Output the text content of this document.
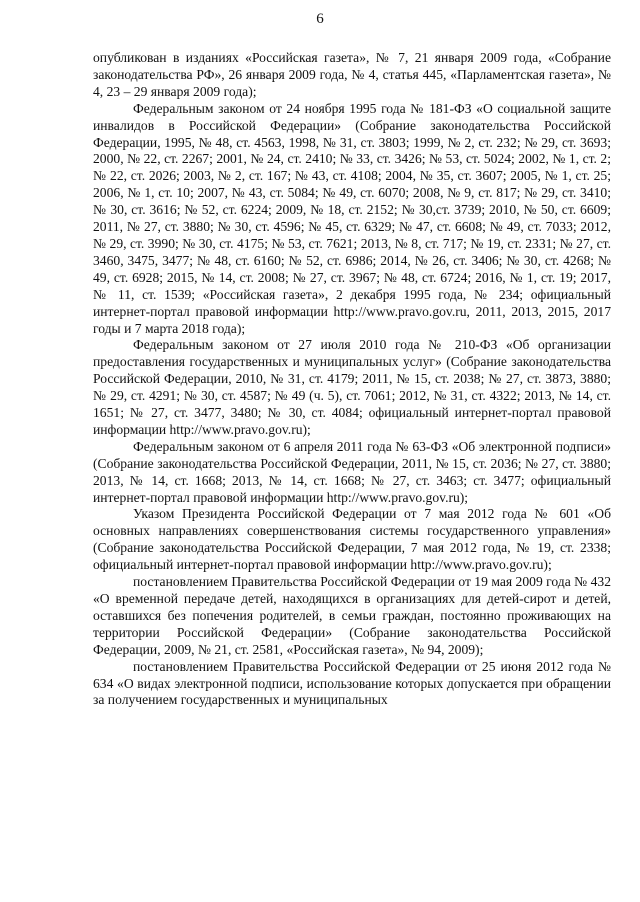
6

опубликован в изданиях «Российская газета», № 7, 21 января 2009 года, «Собрание законодательства РФ», 26 января 2009 года, № 4, статья 445, «Парламентская газета», № 4, 23 – 29 января 2009 года);

Федеральным законом от 24 ноября 1995 года № 181-ФЗ «О социальной защите инвалидов в Российской Федерации» (Собрание законодательства Российской Федерации, 1995, № 48, ст. 4563, 1998, № 31, ст. 3803; 1999, № 2, ст. 232; № 29, ст. 3693; 2000, № 22, ст. 2267; 2001, № 24, ст. 2410; № 33, ст. 3426; № 53, ст. 5024; 2002, № 1, ст. 2; № 22, ст. 2026; 2003, № 2, ст. 167; № 43, ст. 4108; 2004, № 35, ст. 3607; 2005, № 1, ст. 25; 2006, № 1, ст. 10; 2007, № 43, ст. 5084; № 49, ст. 6070; 2008, № 9, ст. 817; № 29, ст. 3410; № 30, ст. 3616; № 52, ст. 6224; 2009, № 18, ст. 2152; № 30,ст. 3739; 2010, № 50, ст. 6609; 2011, № 27, ст. 3880; № 30, ст. 4596; № 45, ст. 6329; № 47, ст. 6608; № 49, ст. 7033; 2012, № 29, ст. 3990; № 30, ст. 4175; № 53, ст. 7621; 2013, № 8, ст. 717; № 19, ст. 2331; № 27, ст. 3460, 3475, 3477; № 48, ст. 6160; № 52, ст. 6986; 2014, № 26, ст. 3406; № 30, ст. 4268; № 49, ст. 6928; 2015, № 14, ст. 2008; № 27, ст. 3967; № 48, ст. 6724; 2016, № 1, ст. 19; 2017, № 11, ст. 1539; «Российская газета», 2 декабря 1995 года, № 234; официальный интернет-портал правовой информации http://www.pravo.gov.ru, 2011, 2013, 2015, 2017 годы и 7 марта 2018 года);

Федеральным законом от 27 июля 2010 года № 210-ФЗ «Об организации предоставления государственных и муниципальных услуг» (Собрание законодательства Российской Федерации, 2010, № 31, ст. 4179; 2011, № 15, ст. 2038; № 27, ст. 3873, 3880; № 29, ст. 4291; № 30, ст. 4587; № 49 (ч. 5), ст. 7061; 2012, № 31, ст. 4322; 2013, № 14, ст. 1651; № 27, ст. 3477, 3480; № 30, ст. 4084; официальный интернет-портал правовой информации http://www.pravo.gov.ru);

Федеральным законом от 6 апреля 2011 года № 63-ФЗ «Об электронной подписи» (Собрание законодательства Российской Федерации, 2011, № 15, ст. 2036; № 27, ст. 3880; 2013, № 14, ст. 1668; 2013, № 14, ст. 1668; № 27, ст. 3463; ст. 3477; официальный интернет-портал правовой информации http://www.pravo.gov.ru);

Указом Президента Российской Федерации от 7 мая 2012 года № 601 «Об основных направлениях совершенствования системы государственного управления» (Собрание законодательства Российской Федерации, 7 мая 2012 года, № 19, ст. 2338; официальный интернет-портал правовой информации http://www.pravo.gov.ru);

постановлением Правительства Российской Федерации от 19 мая 2009 года № 432 «О временной передаче детей, находящихся в организациях для детей-сирот и детей, оставшихся без попечения родителей, в семьи граждан, постоянно проживающих на территории Российской Федерации» (Собрание законодательства Российской Федерации, 2009, № 21, ст. 2581, «Российская газета», № 94, 2009);

постановлением Правительства Российской Федерации от 25 июня 2012 года № 634 «О видах электронной подписи, использование которых допускается при обращении за получением государственных и муниципальных
